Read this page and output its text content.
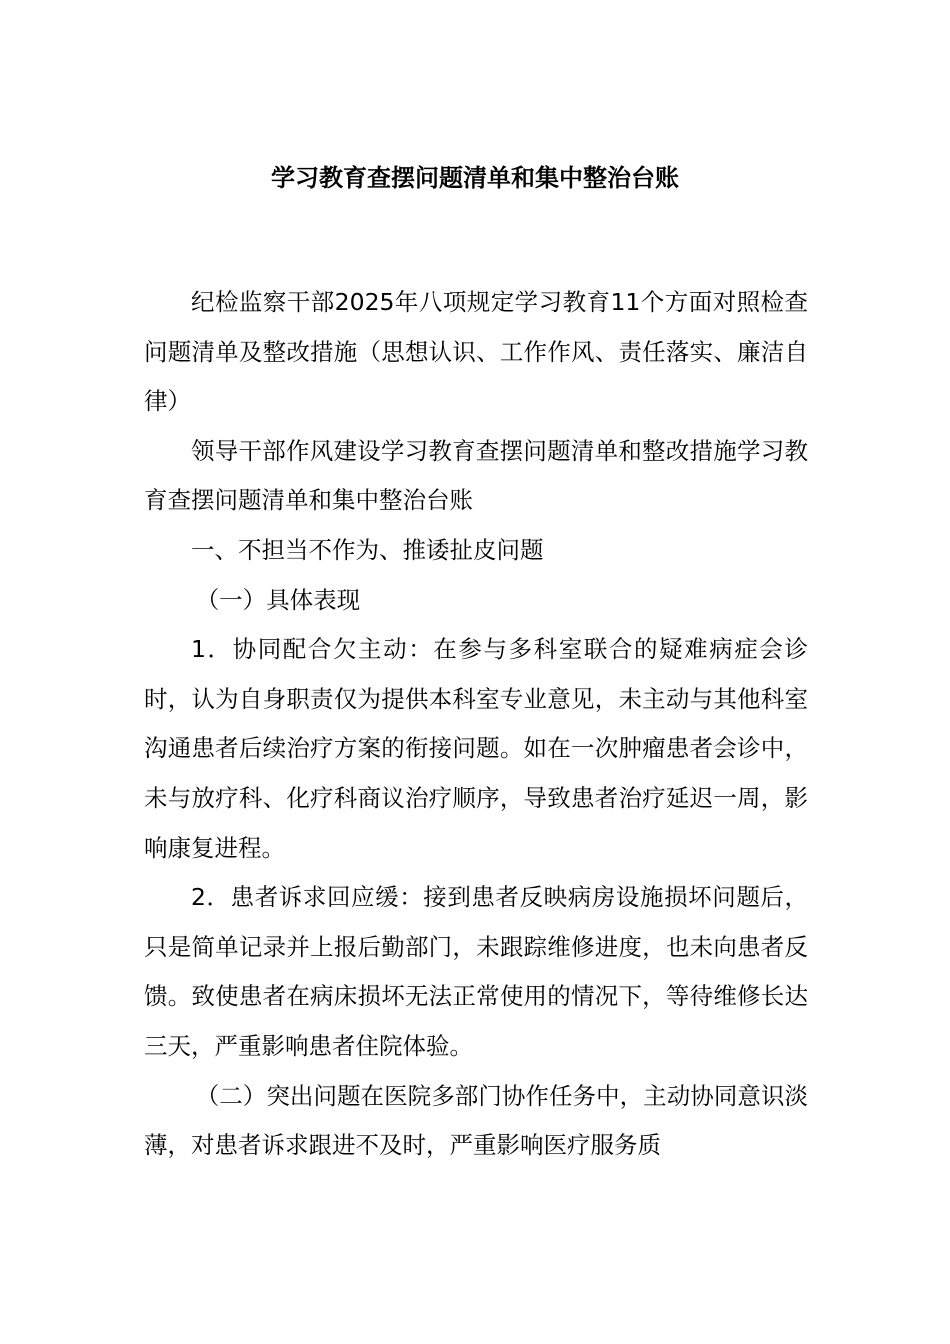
学习教育查摆问题清单和集中整治台账

纪检监察干部2025年八项规定学习教育11个方面对照检查问题清单及整改措施（思想认识、工作作风、责任落实、廉洁自律）

领导干部作风建设学习教育查摆问题清单和整改措施学习教育查摆问题清单和集中整治台账

一、不担当不作为、推诿扯皮问题

（一）具体表现

1．协同配合欠主动：在参与多科室联合的疑难病症会诊时，认为自身职责仅为提供本科室专业意见，未主动与其他科室沟通患者后续治疗方案的衔接问题。如在一次肿瘤患者会诊中，未与放疗科、化疗科商议治疗顺序，导致患者治疗延迟一周，影响康复进程。

2．患者诉求回应缓：接到患者反映病房设施损坏问题后，只是简单记录并上报后勤部门，未跟踪维修进度，也未向患者反馈。致使患者在病床损坏无法正常使用的情况下，等待维修长达三天，严重影响患者住院体验。

（二）突出问题在医院多部门协作任务中，主动协同意识淡薄，对患者诉求跟进不及时，严重影响医疗服务质
